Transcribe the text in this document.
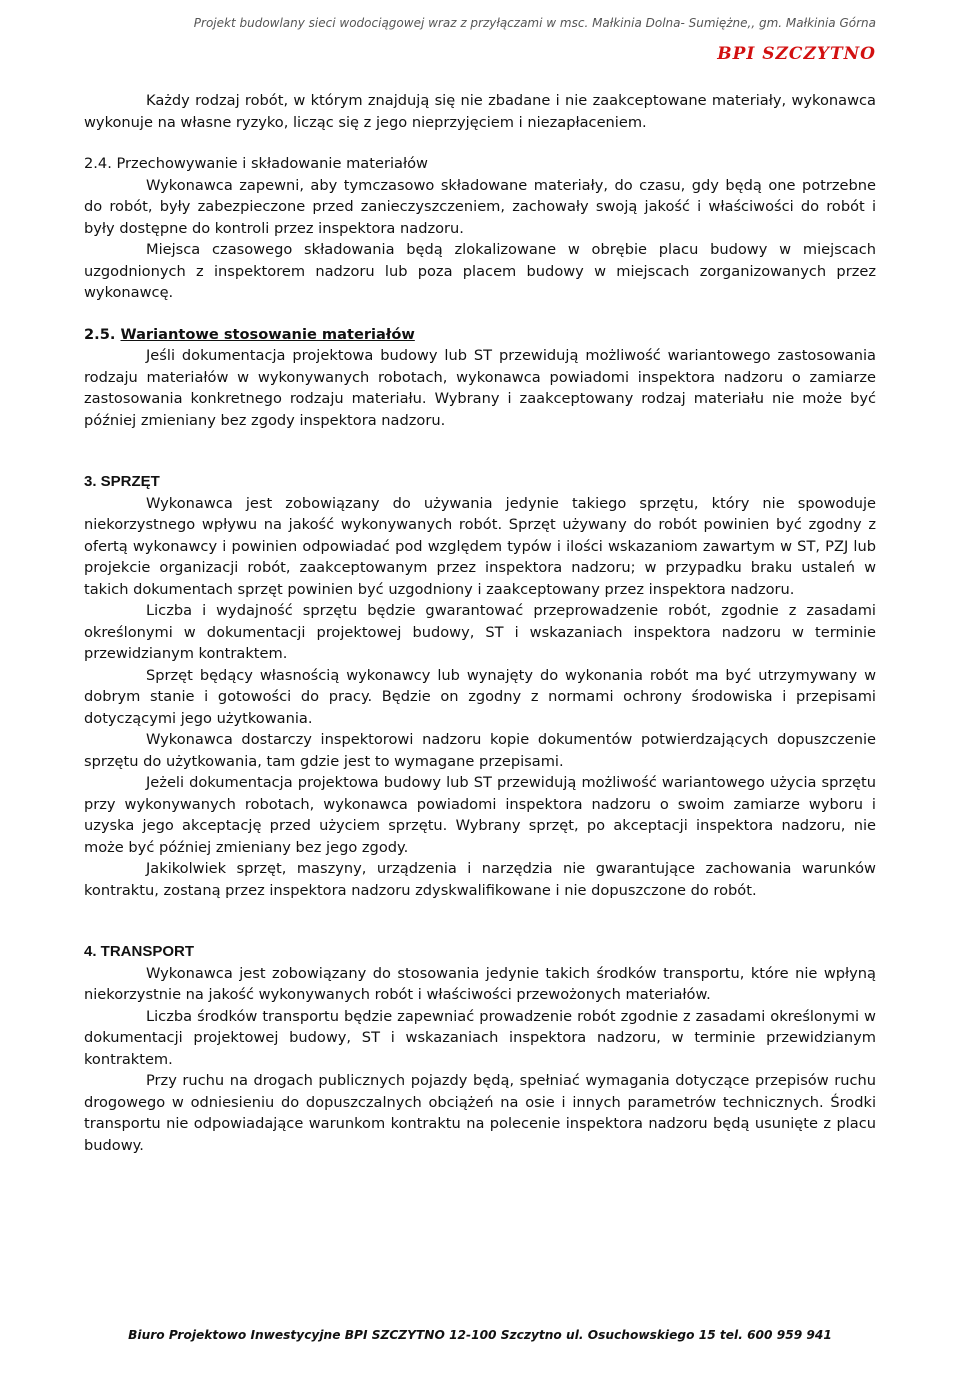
Projekt budowlany sieci wodociągowej wraz z przyłączami w msc. Małkinia Dolna- Sumiężne,, gm. Małkinia Górna
BPI SZCZYTNO

Każdy rodzaj robót, w którym znajdują się nie zbadane i nie zaakceptowane materiały, wykonawca wykonuje na własne ryzyko, licząc się z jego nieprzyjęciem i niezapłaceniem.

2.4. Przechowywanie i składowanie materiałów

Wykonawca zapewni, aby tymczasowo składowane materiały, do czasu, gdy będą one potrzebne do robót, były zabezpieczone przed zanieczyszczeniem, zachowały swoją jakość i właściwości do robót i były dostępne do kontroli przez inspektora nadzoru.

Miejsca czasowego składowania będą zlokalizowane w obrębie placu budowy w miejscach uzgodnionych z inspektorem nadzoru lub poza placem budowy w miejscach zorganizowanych przez wykonawcę.

2.5. Wariantowe stosowanie materiałów

Jeśli dokumentacja projektowa budowy lub ST przewidują możliwość wariantowego zastosowania rodzaju materiałów w wykonywanych robotach, wykonawca powiadomi inspektora nadzoru o zamiarze zastosowania konkretnego rodzaju materiału. Wybrany i zaakceptowany rodzaj materiału nie może być później zmieniany bez zgody inspektora nadzoru.

3. SPRZĘT

Wykonawca jest zobowiązany do używania jedynie takiego sprzętu, który nie spowoduje niekorzystnego wpływu na jakość wykonywanych robót. Sprzęt używany do robót powinien być zgodny z ofertą wykonawcy i powinien odpowiadać pod względem typów i ilości wskazaniom zawartym w ST, PZJ lub projekcie organizacji robót, zaakceptowanym przez inspektora nadzoru; w przypadku braku ustaleń w takich dokumentach sprzęt powinien być uzgodniony i zaakceptowany przez inspektora nadzoru.

Liczba i wydajność sprzętu będzie gwarantować przeprowadzenie robót, zgodnie z zasadami określonymi w dokumentacji projektowej budowy, ST i wskazaniach inspektora nadzoru w terminie przewidzianym kontraktem.

Sprzęt będący własnością wykonawcy lub wynajęty do wykonania robót ma być utrzymywany w dobrym stanie i gotowości do pracy. Będzie on zgodny z normami ochrony środowiska i przepisami dotyczącymi jego użytkowania.

Wykonawca dostarczy inspektorowi nadzoru kopie dokumentów potwierdzających dopuszczenie sprzętu do użytkowania, tam gdzie jest to wymagane przepisami.

Jeżeli dokumentacja projektowa budowy lub ST przewidują możliwość wariantowego użycia sprzętu przy wykonywanych robotach, wykonawca powiadomi inspektora nadzoru o swoim zamiarze wyboru i uzyska jego akceptację przed użyciem sprzętu. Wybrany sprzęt, po akceptacji inspektora nadzoru, nie może być później zmieniany bez jego zgody.

Jakikolwiek sprzęt, maszyny, urządzenia i narzędzia nie gwarantujące zachowania warunków kontraktu, zostaną przez inspektora nadzoru zdyskwalifikowane i nie dopuszczone do robót.

4. TRANSPORT

Wykonawca jest zobowiązany do stosowania jedynie takich środków transportu, które nie wpłyną niekorzystnie na jakość wykonywanych robót i właściwości przewożonych materiałów.

Liczba środków transportu będzie zapewniać prowadzenie robót zgodnie z zasadami określonymi w dokumentacji projektowej budowy, ST i wskazaniach inspektora nadzoru, w terminie przewidzianym kontraktem.

Przy ruchu na drogach publicznych pojazdy będą, spełniać wymagania dotyczące przepisów ruchu drogowego w odniesieniu do dopuszczalnych obciążeń na osie i innych parametrów technicznych. Środki transportu nie odpowiadające warunkom kontraktu na polecenie inspektora nadzoru będą usunięte z placu budowy.

Biuro Projektowo Inwestycyjne BPI SZCZYTNO 12-100 Szczytno ul. Osuchowskiego 15 tel. 600 959 941
